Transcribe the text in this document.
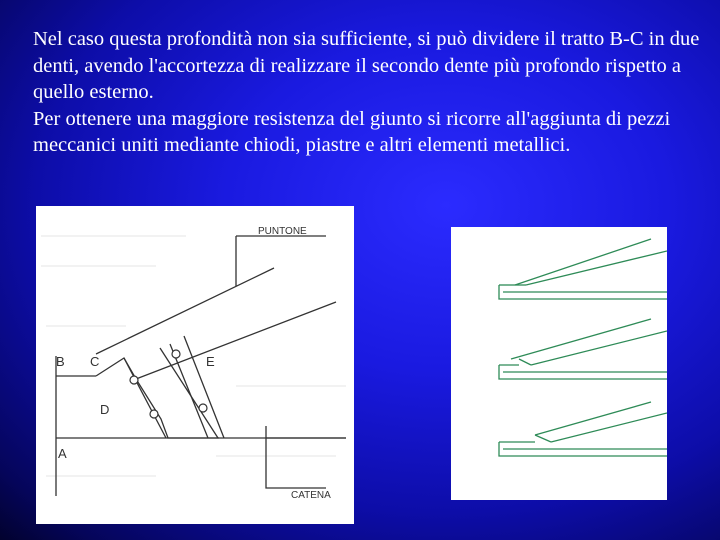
Nel caso questa profondità non sia sufficiente, si può dividere il tratto B-C in due denti, avendo l'accortezza di realizzare il secondo dente più profondo rispetto a quello esterno.

Per ottenere una maggiore resistenza del giunto si ricorre all'aggiunta di pezzi meccanici uniti mediante chiodi, piastre e altri elementi metallici.

PUNTONE
CATENA
B C
D
E
A
